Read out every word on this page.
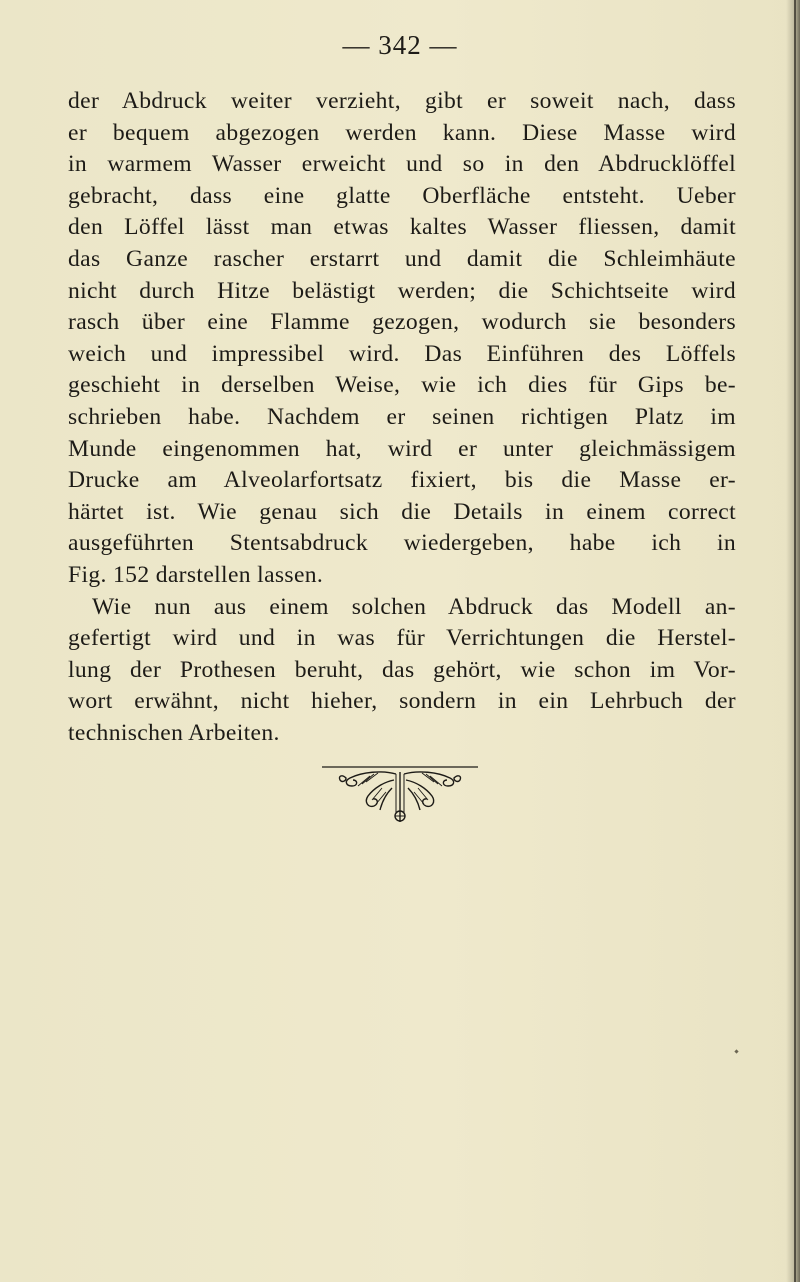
— 342 —
der Abdruck weiter verzieht, gibt er soweit nach, dass
er bequem abgezogen werden kann. Diese Masse wird
in warmem Wasser erweicht und so in den Abdrucklöffel
gebracht, dass eine glatte Oberfläche entsteht. Ueber
den Löffel lässt man etwas kaltes Wasser fliessen, damit
das Ganze rascher erstarrt und damit die Schleimhäute
nicht durch Hitze belästigt werden; die Schichtseite wird
rasch über eine Flamme gezogen, wodurch sie besonders
weich und impressibel wird. Das Einführen des Löffels
geschieht in derselben Weise, wie ich dies für Gips be-
schrieben habe. Nachdem er seinen richtigen Platz im
Munde eingenommen hat, wird er unter gleichmässigem
Drucke am Alveolarfortsatz fixiert, bis die Masse er-
härtet ist. Wie genau sich die Details in einem correct
ausgeführten Stentsabdruck wiedergeben, habe ich in
Fig. 152 darstellen lassen.
Wie nun aus einem solchen Abdruck das Modell an-
gefertigt wird und in was für Verrichtungen die Herstel-
lung der Prothesen beruht, das gehört, wie schon im Vor-
wort erwähnt, nicht hieher, sondern in ein Lehrbuch der
technischen Arbeiten.
